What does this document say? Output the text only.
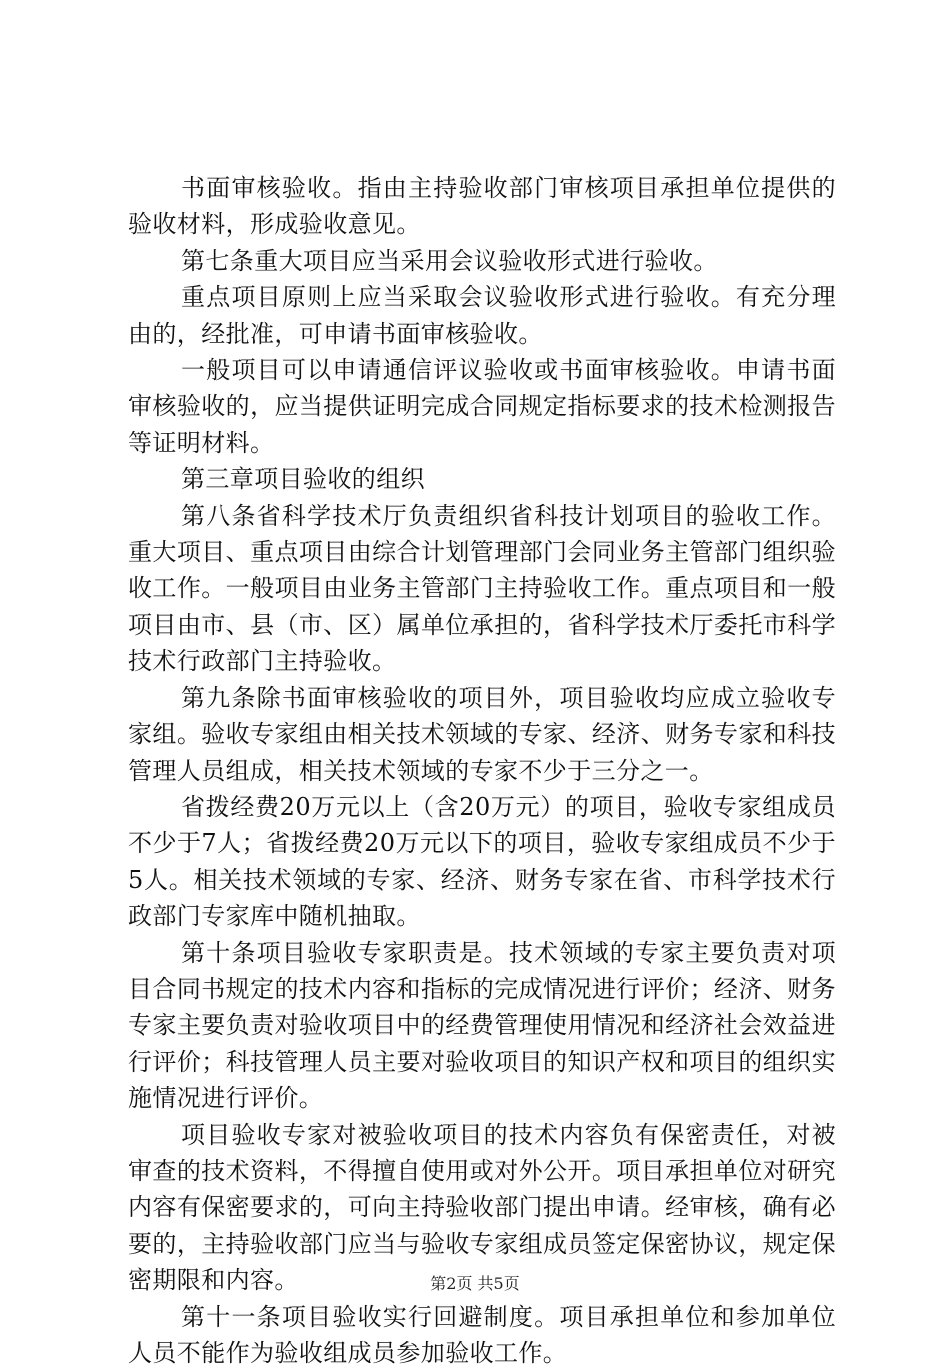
书面审核验收。指由主持验收部门审核项目承担单位提供的验收材料，形成验收意见。

第七条重大项目应当采用会议验收形式进行验收。

重点项目原则上应当采取会议验收形式进行验收。有充分理由的，经批准，可申请书面审核验收。

一般项目可以申请通信评议验收或书面审核验收。申请书面审核验收的，应当提供证明完成合同规定指标要求的技术检测报告等证明材料。

第三章项目验收的组织

第八条省科学技术厅负责组织省科技计划项目的验收工作。重大项目、重点项目由综合计划管理部门会同业务主管部门组织验收工作。一般项目由业务主管部门主持验收工作。重点项目和一般项目由市、县（市、区）属单位承担的，省科学技术厅委托市科学技术行政部门主持验收。

第九条除书面审核验收的项目外，项目验收均应成立验收专家组。验收专家组由相关技术领域的专家、经济、财务专家和科技管理人员组成，相关技术领域的专家不少于三分之一。

省拨经费20万元以上（含20万元）的项目，验收专家组成员不少于7人；省拨经费20万元以下的项目，验收专家组成员不少于5人。相关技术领域的专家、经济、财务专家在省、市科学技术行政部门专家库中随机抽取。

第十条项目验收专家职责是。技术领域的专家主要负责对项目合同书规定的技术内容和指标的完成情况进行评价；经济、财务专家主要负责对验收项目中的经费管理使用情况和经济社会效益进行评价；科技管理人员主要对验收项目的知识产权和项目的组织实施情况进行评价。

项目验收专家对被验收项目的技术内容负有保密责任，对被审查的技术资料，不得擅自使用或对外公开。项目承担单位对研究内容有保密要求的，可向主持验收部门提出申请。经审核，确有必要的，主持验收部门应当与验收专家组成员签定保密协议，规定保密期限和内容。

第十一条项目验收实行回避制度。项目承担单位和参加单位人员不能作为验收组成员参加验收工作。

第2页 共5页
